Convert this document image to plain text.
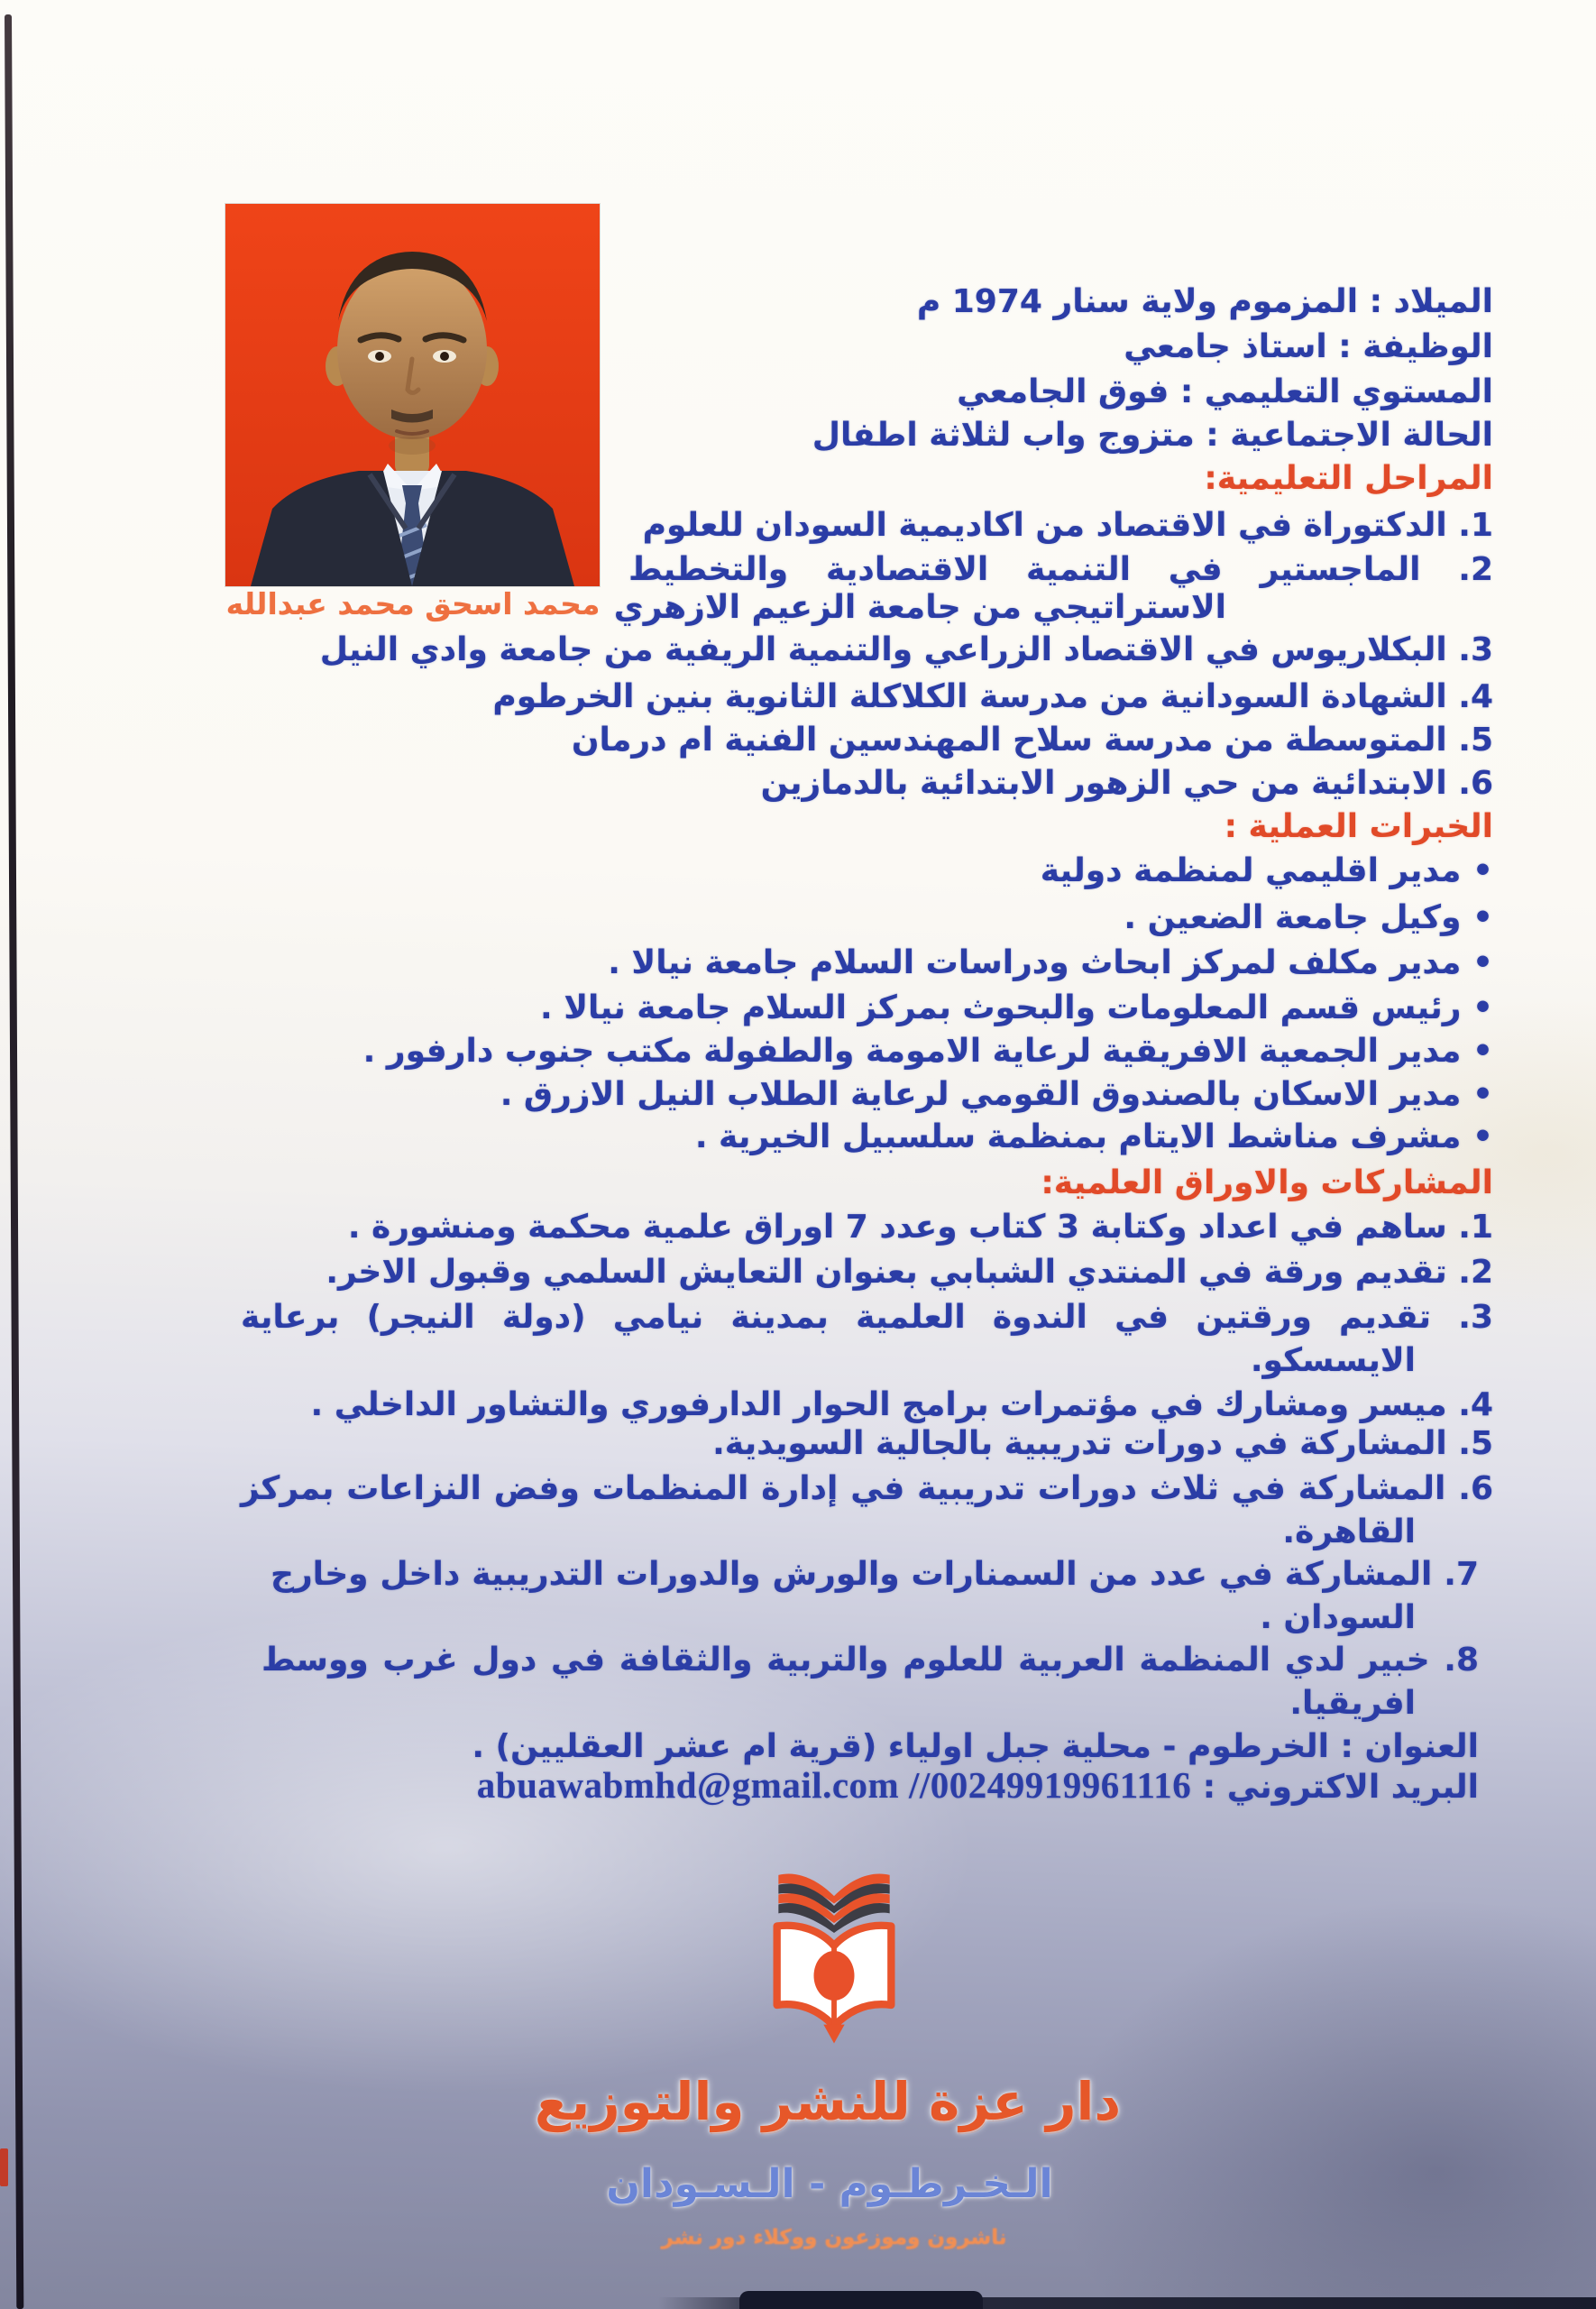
محمد اسحق محمد عبدالله
الميلاد : المزموم ولاية سنار 1974 م
الوظيفة : استاذ جامعي
المستوي التعليمي : فوق الجامعي
الحالة الاجتماعية : متزوج واب لثلاثة اطفال
المراحل التعليمية:
1. الدكتوراة في الاقتصاد من اكاديمية السودان للعلوم
2. الماجستير في التنمية الاقتصادية والتخطيط
الاستراتيجي من جامعة الزعيم الازهري
3. البكلاريوس في الاقتصاد الزراعي والتنمية الريفية من جامعة وادي النيل
4. الشهادة السودانية من مدرسة الكلاكلة الثانوية بنين الخرطوم
5. المتوسطة من مدرسة سلاح المهندسين الفنية ام درمان
6. الابتدائية من حي الزهور الابتدائية بالدمازين
الخبرات العملية :
• مدير اقليمي لمنظمة دولية
• وكيل جامعة الضعين .
• مدير مكلف لمركز ابحاث ودراسات السلام جامعة نيالا .
• رئيس قسم المعلومات والبحوث بمركز السلام جامعة نيالا .
• مدير الجمعية الافريقية لرعاية الامومة والطفولة مكتب جنوب دارفور .
• مدير الاسكان بالصندوق القومي لرعاية الطلاب النيل الازرق .
• مشرف مناشط الايتام بمنظمة سلسبيل الخيرية .
المشاركات والاوراق العلمية:
1. ساهم في اعداد وكتابة 3 كتاب وعدد 7 اوراق علمية محكمة ومنشورة .
2. تقديم ورقة في المنتدي الشبابي بعنوان التعايش السلمي وقبول الاخر.
3. تقديم ورقتين في الندوة العلمية بمدينة نيامي (دولة النيجر) برعاية
الايسسكو.
4. ميسر ومشارك في مؤتمرات برامج الحوار الدارفوري والتشاور الداخلي .
5. المشاركة في دورات تدريبية بالجالية السويدية.
6. المشاركة في ثلاث دورات تدريبية في إدارة المنظمات وفض النزاعات بمركز
القاهرة.
7. المشاركة في عدد من السمنارات والورش والدورات التدريبية داخل وخارج
السودان .
8. خبير لدي المنظمة العربية للعلوم والتربية والثقافة في دول غرب ووسط
افريقيا.
العنوان : الخرطوم - محلية جبل اولياء (قرية ام عشر العقليين) .
البريد الاكتروني : abuawabmhd@gmail.com //00249919961116
دار عزة للنشر والتوزيع
الـخـرطـوم - الـسـودان
ناشرون وموزعون ووكلاء دور نشر
